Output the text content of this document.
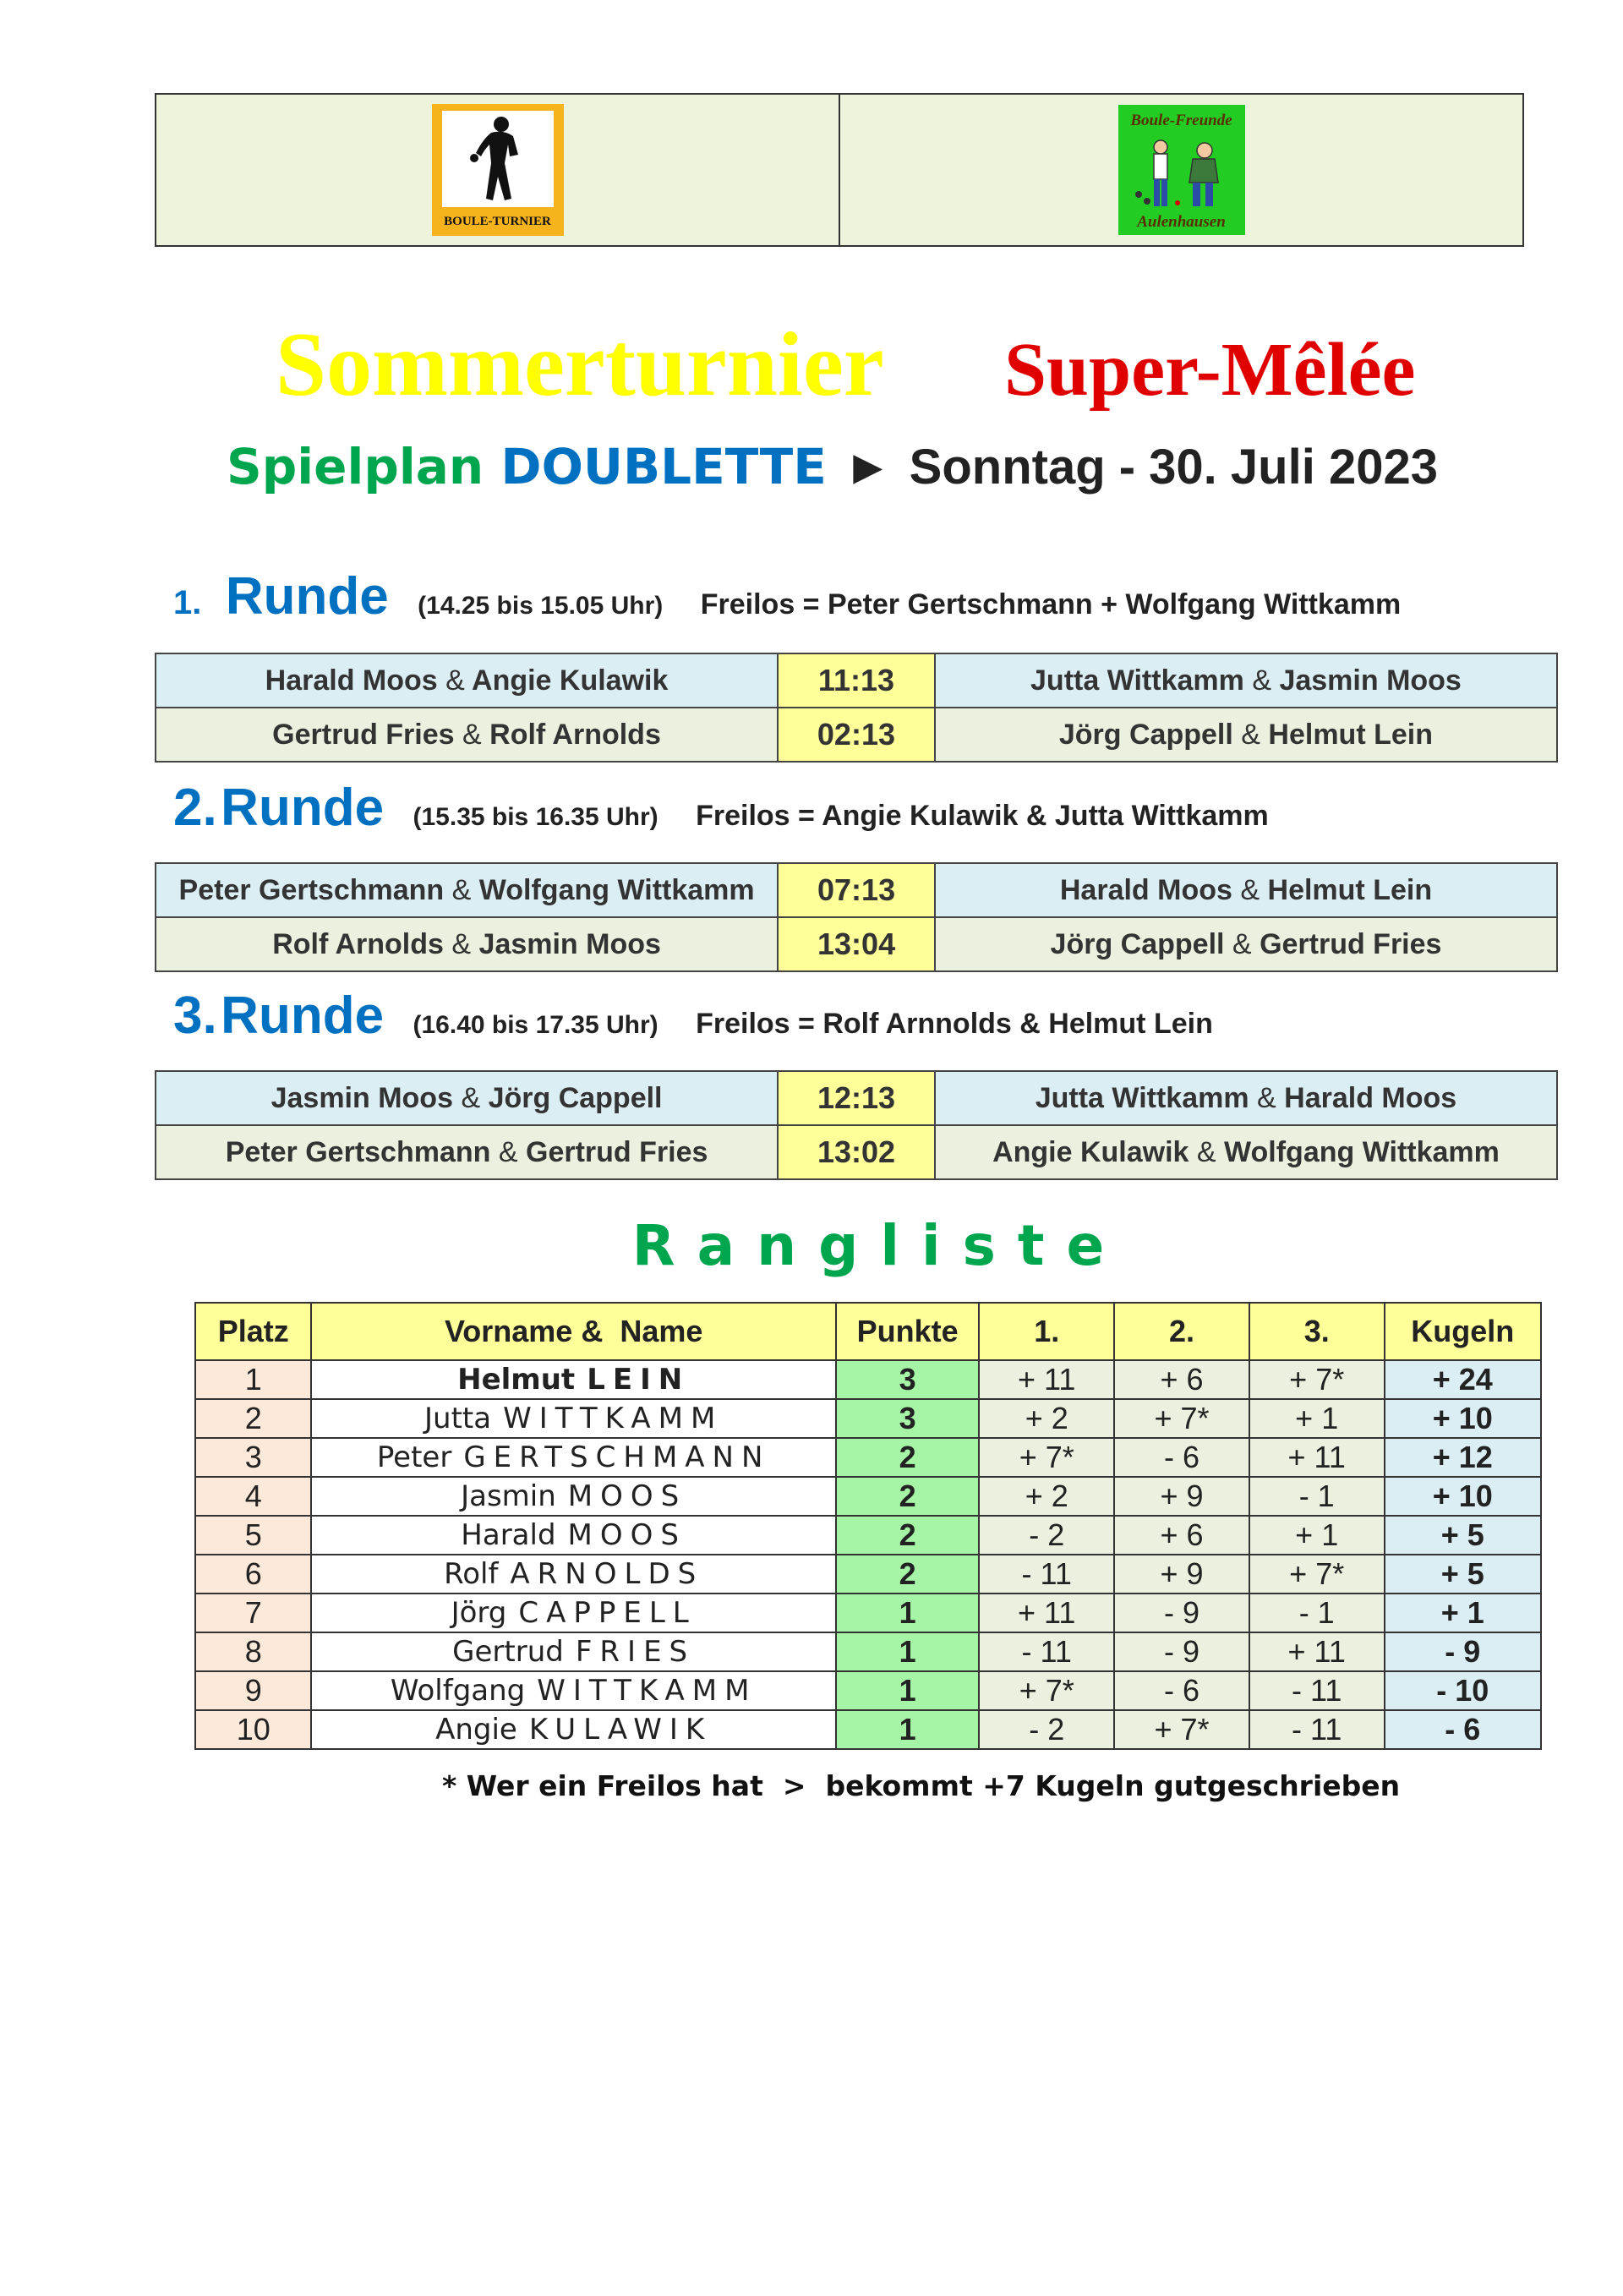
BOULE-TURNIER

Boule-Freunde
Aulenhausen
Sommerturnier Super-Mêlée
Spielplan DOUBLETTE ► Sonntag - 30. Juli 2023
1. Runde (14.25 bis 15.05 Uhr) Freilos = Peter Gertschmann + Wolfgang Wittkamm
Harald Moos & Angie Kulawik	11:13	Jutta Wittkamm & Jasmin Moos
Gertrud Fries & Rolf Arnolds	02:13	Jörg Cappell & Helmut Lein
2. Runde (15.35 bis 16.35 Uhr) Freilos = Angie Kulawik & Jutta Wittkamm
Peter Gertschmann & Wolfgang Wittkamm	07:13	Harald Moos & Helmut Lein
Rolf Arnolds & Jasmin Moos	13:04	Jörg Cappell & Gertrud Fries
3. Runde (16.40 bis 17.35 Uhr) Freilos = Rolf Arnnolds & Helmut Lein
Jasmin Moos & Jörg Cappell	12:13	Jutta Wittkamm & Harald Moos
Peter Gertschmann & Gertrud Fries	13:02	Angie Kulawik & Wolfgang Wittkamm
Rangliste
Platz	Vorname &  Name	Punkte	1.	2.	3.	Kugeln
1	Helmut LEIN	3	+ 11	+ 6	+ 7*	+ 24
2	Jutta WITTKAMM	3	+ 2	+ 7*	+ 1	+ 10
3	Peter GERTSCHMANN	2	+ 7*	- 6	+ 11	+ 12
4	Jasmin MOOS	2	+ 2	+ 9	- 1	+ 10
5	Harald MOOS	2	- 2	+ 6	+ 1	+ 5
6	Rolf ARNOLDS	2	- 11	+ 9	+ 7*	+ 5
7	Jörg CAPPELL	1	+ 11	- 9	- 1	+ 1
8	Gertrud FRIES	1	- 11	- 9	+ 11	- 9
9	Wolfgang WITTKAMM	1	+ 7*	- 6	- 11	- 10
10	Angie KULAWIK	1	- 2	+ 7*	- 11	- 6
* Wer ein Freilos hat  >  bekommt +7 Kugeln gutgeschrieben
